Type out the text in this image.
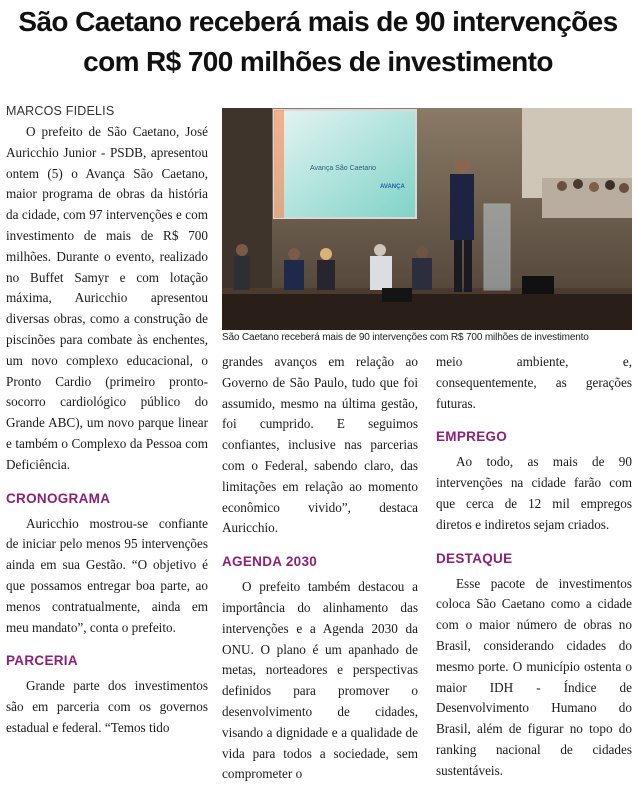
São Caetano receberá mais de 90 intervenções
com R$ 700 milhões de investimento
MARCOS FIDELIS
Avança São Caetano
AVANÇA
São Caetano receberá mais de 90 intervenções com R$ 700 milhões de investimento

O prefeito de São Caetano, José Auricchio Junior - PSDB, apresentou ontem (5) o Avança São Caetano, maior programa de obras da história da cidade, com 97 intervenções e com investimento de mais de R$ 700 milhões. Durante o evento, realizado no Buffet Samyr e com lotação máxima, Auricchio apresentou diversas obras, como a construção de piscinões para combate às enchentes, um novo complexo educacional, o Pronto Cardio (primeiro pronto-socorro cardiológico público do Grande ABC), um novo parque linear e também o Complexo da Pessoa com Deficiência.

CRONOGRAMA

Auricchio mostrou-se confiante de iniciar pelo menos 95 intervenções ainda em sua Gestão. “O objetivo é que possamos entregar boa parte, ao menos contratualmente, ainda em meu mandato”, conta o prefeito.

PARCERIA

Grande parte dos investimentos são em parceria com os governos estadual e federal. “Temos tido

grandes avanços em relação ao Governo de São Paulo, tudo que foi assumido, mesmo na última gestão, foi cumprido. E seguimos confiantes, inclusive nas parcerias com o Federal, sabendo claro, das limitações em relação ao momento econômico vivido”, destaca Auricchio.

AGENDA 2030

O prefeito também destacou a importância do alinhamento das intervenções e a Agenda 2030 da ONU. O plano é um apanhado de metas, norteadores e perspectivas definidos para promover o desenvolvimento de cidades, visando a dignidade e a qualidade de vida para todos a sociedade, sem comprometer o

meio ambiente, e, consequentemente, as gerações futuras.

EMPREGO

Ao todo, as mais de 90 intervenções na cidade farão com que cerca de 12 mil empregos diretos e indiretos sejam criados.

DESTAQUE

Esse pacote de investimentos coloca São Caetano como a cidade com o maior número de obras no Brasil, considerando cidades do mesmo porte. O município ostenta o maior IDH - Índice de Desenvolvimento Humano do Brasil, além de figurar no topo do ranking nacional de cidades sustentáveis.
